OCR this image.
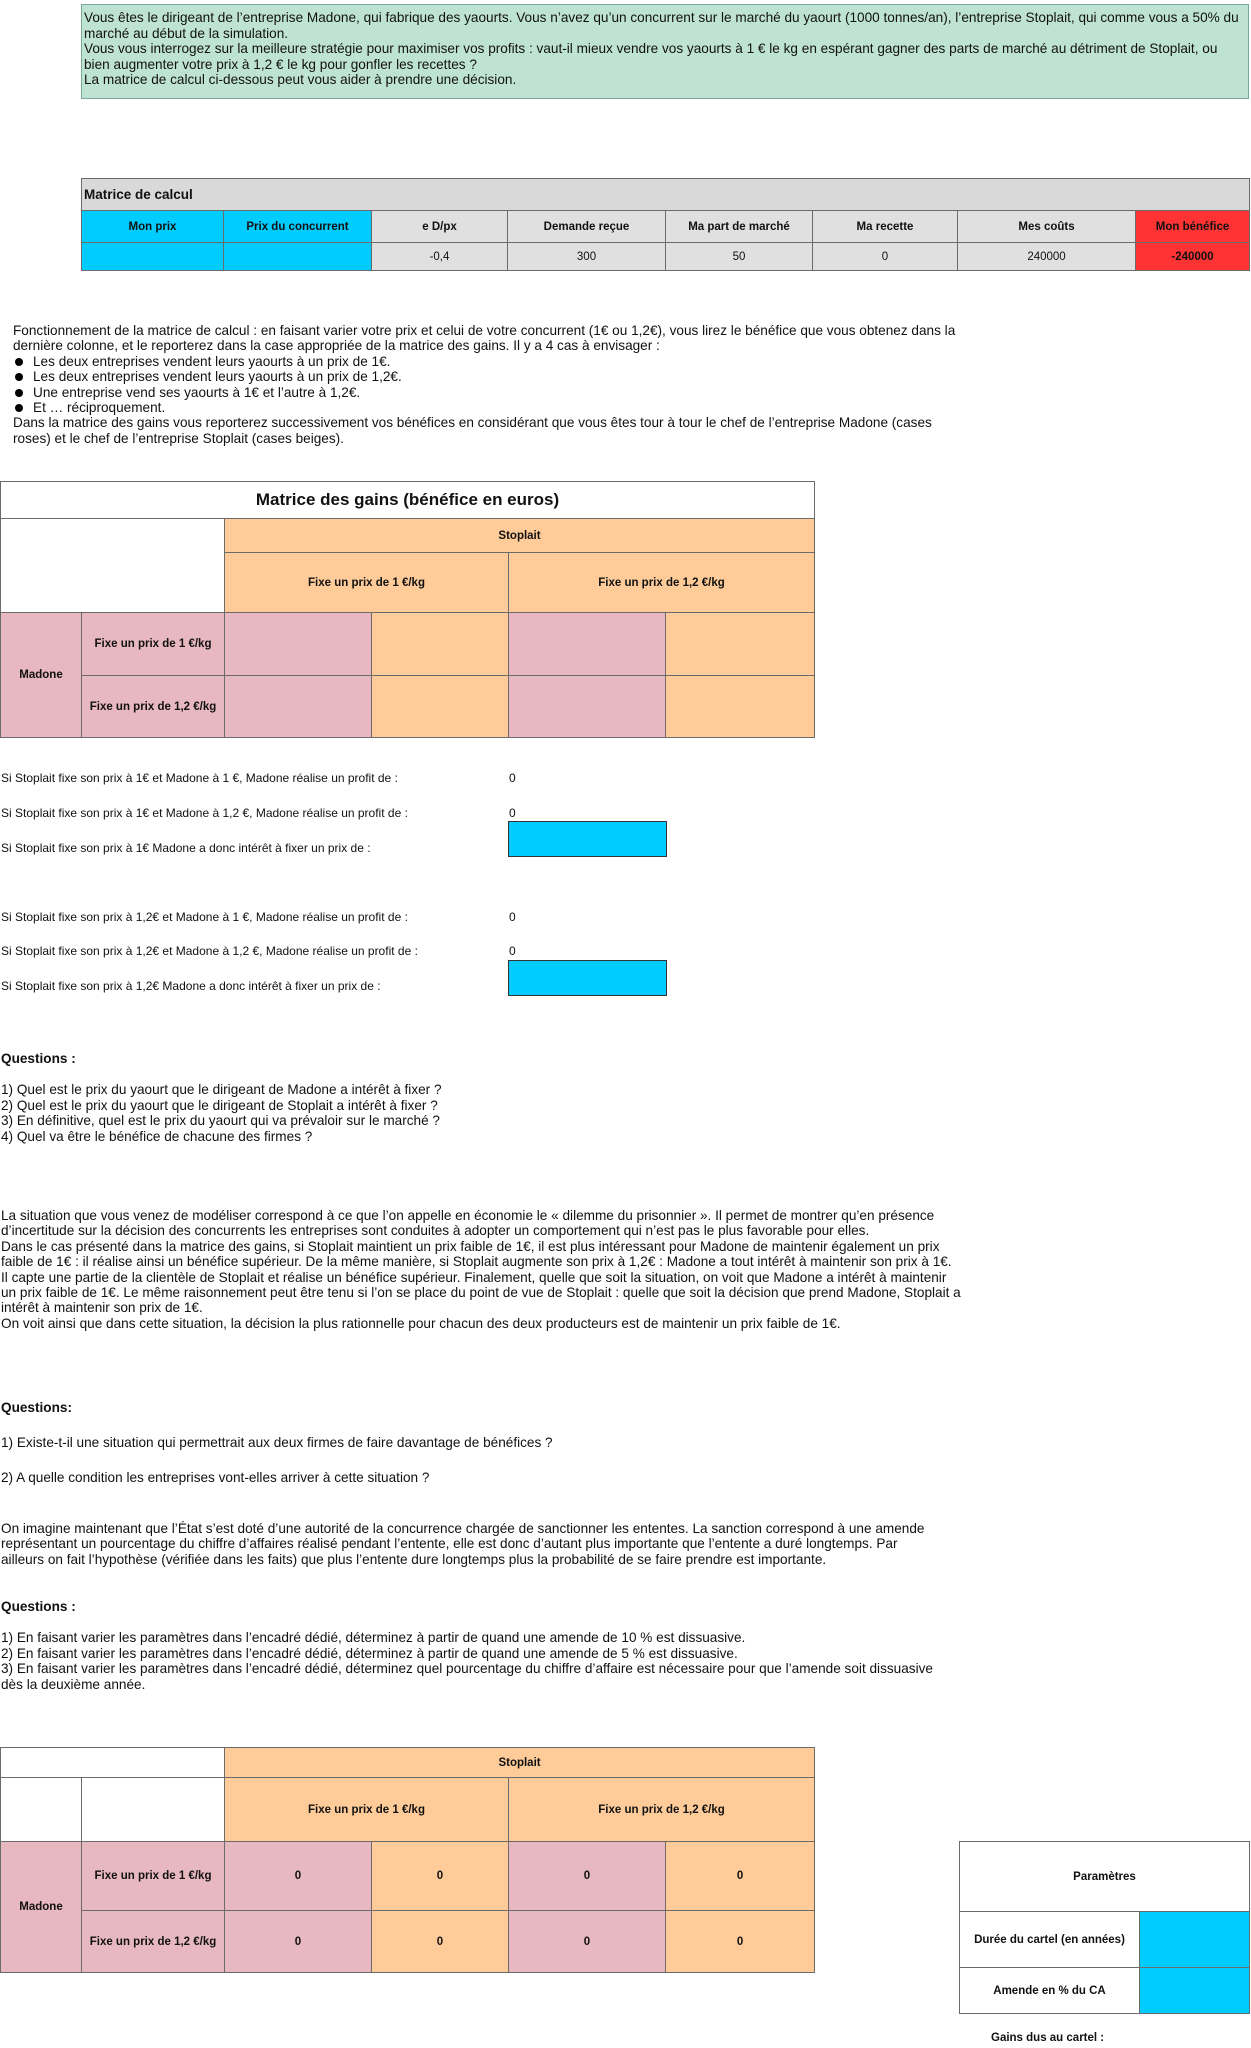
Vous êtes le dirigeant de l’entreprise Madone, qui fabrique des yaourts. Vous n’avez qu’un concurrent sur le marché du yaourt (1000 tonnes/an), l’entreprise Stoplait, qui comme vous a 50% du marché au début de la simulation.
Vous vous interrogez sur la meilleure stratégie pour maximiser vos profits : vaut-il mieux vendre vos yaourts à 1 € le kg en espérant gagner des parts de marché au détriment de Stoplait, ou bien augmenter votre prix à 1,2 € le kg pour gonfler les recettes ?
La matrice de calcul ci-dessous peut vous aider à prendre une décision.
Matrice de calcul							
Mon prix	Prix du concurrent	e D/px	Demande reçue	Ma part de marché	Ma recette	Mes coûts	Mon bénéfice
		-0,4	300	50	0	240000	-240000
Fonctionnement de la matrice de calcul : en faisant varier votre prix et celui de votre concurrent (1€ ou 1,2€), vous lirez le bénéfice que vous obtenez dans la dernière colonne, et le reporterez dans la case appropriée de la matrice des gains. Il y a 4 cas à envisager :
Les deux entreprises vendent leurs yaourts à un prix de 1€.
Les deux entreprises vendent leurs yaourts à un prix de 1,2€.
Une entreprise vend ses yaourts à 1€ et l’autre à 1,2€.
Et … réciproquement.
Dans la matrice des gains vous reporterez successivement vos bénéfices en considérant que vous êtes tour à tour le chef de l’entreprise Madone (cases roses) et le chef de l’entreprise Stoplait (cases beiges).
Matrice des gains (bénéfice en euros)					
		Stoplait			
		Fixe un prix de 1 €/kg		Fixe un prix de 1,2 €/kg	
Madone	Fixe un prix de 1 €/kg				
	Fixe un prix de 1,2 €/kg				
Si Stoplait fixe son prix à 1€ et Madone à 1 €, Madone réalise un profit de :	0
Si Stoplait fixe son prix à 1€ et Madone à 1,2 €, Madone réalise un profit de :	0
Si Stoplait fixe son prix à 1€ Madone a donc intérêt à fixer un prix de :
Si Stoplait fixe son prix à 1,2€ et Madone à 1 €, Madone réalise un profit de :	0
Si Stoplait fixe son prix à 1,2€ et Madone à 1,2 €, Madone réalise un profit de :	0
Si Stoplait fixe son prix à 1,2€ Madone a donc intérêt à fixer un prix de :
Questions :
1) Quel est le prix du yaourt que le dirigeant de Madone a intérêt à fixer ?
2) Quel est le prix du yaourt que le dirigeant de Stoplait a intérêt à fixer ?
3) En définitive, quel est le prix du yaourt qui va prévaloir sur le marché ?
4) Quel va être le bénéfice de chacune des firmes ?
La situation que vous venez de modéliser correspond à ce que l’on appelle en économie le « dilemme du prisonnier ». Il permet de montrer qu’en présence d’incertitude sur la décision des concurrents les entreprises sont conduites à adopter un comportement qui n’est pas le plus favorable pour elles.
Dans le cas présenté dans la matrice des gains, si Stoplait maintient un prix faible de 1€, il est plus intéressant pour Madone de maintenir également un prix faible de 1€ : il réalise ainsi un bénéfice supérieur. De la même manière, si Stoplait augmente son prix à 1,2€ : Madone a tout intérêt à maintenir son prix à 1€. Il capte une partie de la clientèle de Stoplait et réalise un bénéfice supérieur. Finalement, quelle que soit la situation, on voit que Madone a intérêt à maintenir un prix faible de 1€. Le même raisonnement peut être tenu si l’on se place du point de vue de Stoplait : quelle que soit la décision que prend Madone, Stoplait a intérêt à maintenir son prix de 1€.
On voit ainsi que dans cette situation, la décision la plus rationnelle pour chacun des deux producteurs est de maintenir un prix faible de 1€.
Questions:
1) Existe-t-il une situation qui permettrait aux deux firmes de faire davantage de bénéfices ?
2) A quelle condition les entreprises vont-elles arriver à cette situation ?
On imagine maintenant que l’État s’est doté d’une autorité de la concurrence chargée de sanctionner les ententes. La sanction correspond à une amende représentant un pourcentage du chiffre d’affaires réalisé pendant l’entente, elle est donc d’autant plus importante que l’entente a duré longtemps. Par ailleurs on fait l’hypothèse (vérifiée dans les faits) que plus l’entente dure longtemps plus la probabilité de se faire prendre est importante.
Questions :
1) En faisant varier les paramètres dans l’encadré dédié, déterminez à partir de quand une amende de 10 % est dissuasive.
2) En faisant varier les paramètres dans l’encadré dédié, déterminez à partir de quand une amende de 5 % est dissuasive.
3) En faisant varier les paramètres dans l’encadré dédié, déterminez quel pourcentage du chiffre d’affaire est nécessaire pour que l’amende soit dissuasive dès la deuxième année.
		Stoplait			
		Fixe un prix de 1 €/kg		Fixe un prix de 1,2 €/kg	
Madone	Fixe un prix de 1 €/kg	0	0	0	0
	Fixe un prix de 1,2 €/kg	0	0	0	0
Paramètres	
Durée du cartel (en années)	
Amende en % du CA	
Gains dus au cartel :
